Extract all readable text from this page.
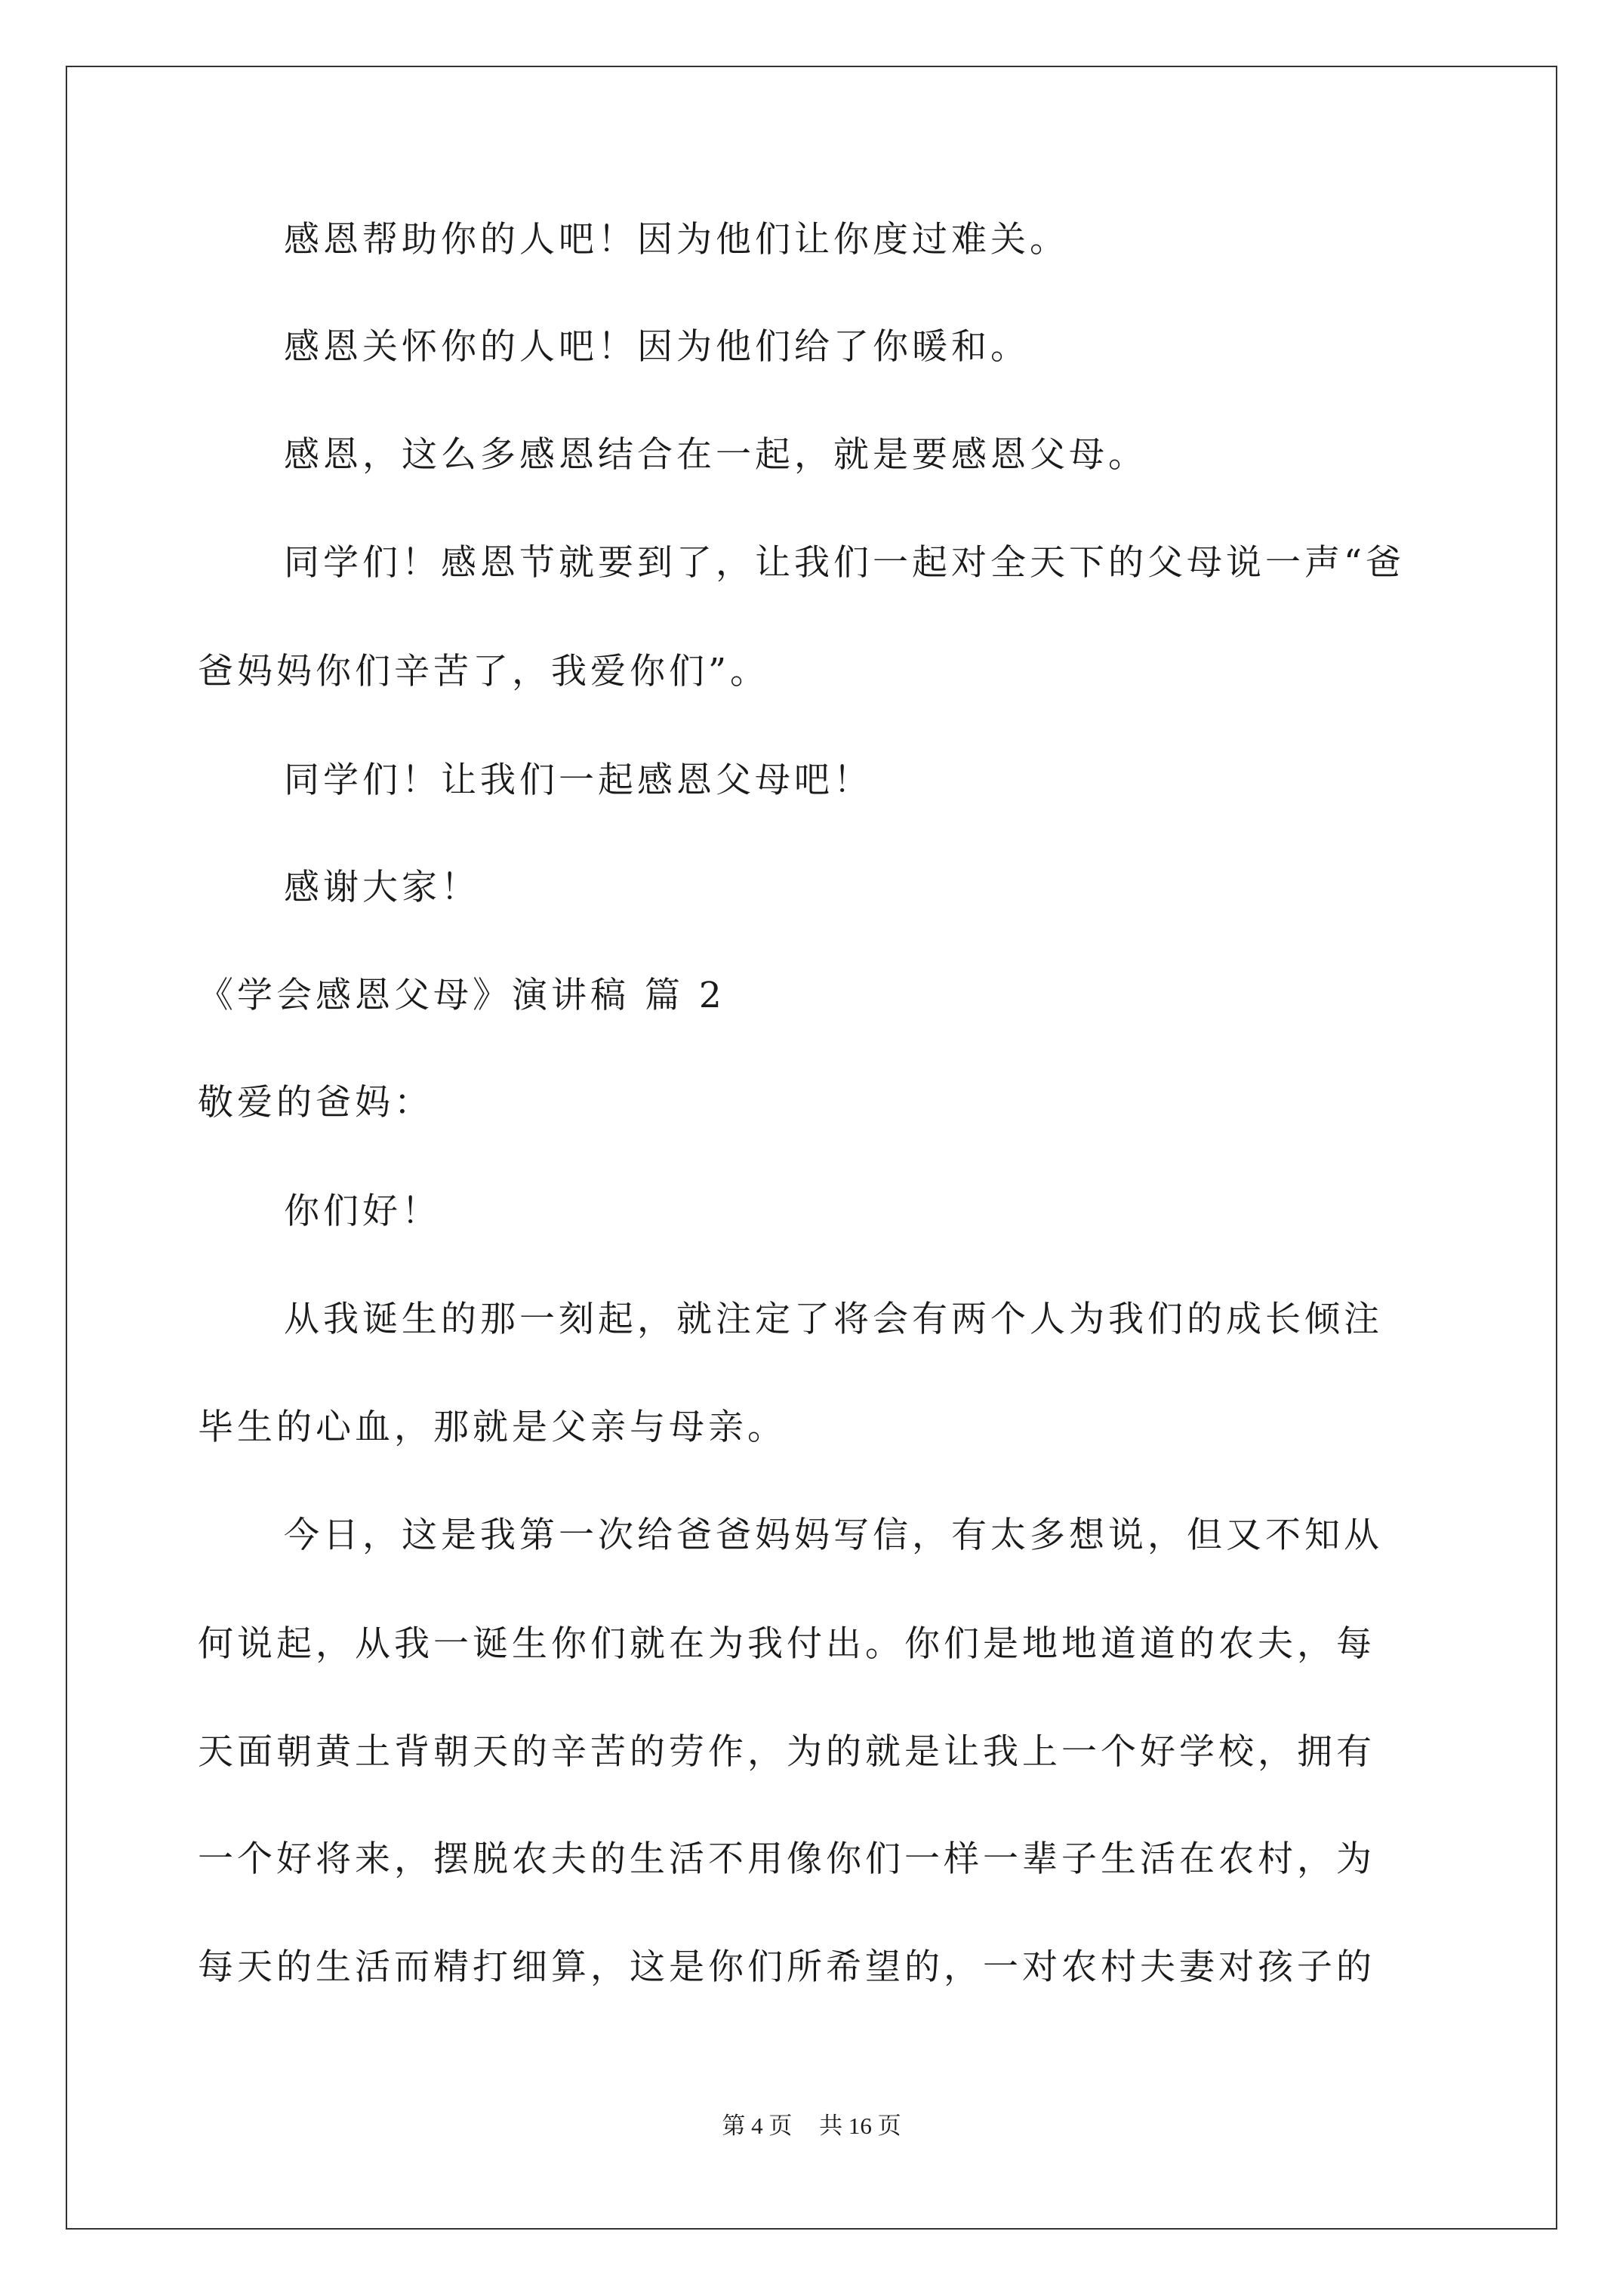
感恩帮助你的人吧！因为他们让你度过难关。

感恩关怀你的人吧！因为他们给了你暖和。

感恩，这么多感恩结合在一起，就是要感恩父母。

同学们！感恩节就要到了，让我们一起对全天下的父母说一声“爸

爸妈妈你们辛苦了，我爱你们”。

同学们！让我们一起感恩父母吧！

感谢大家！

《学会感恩父母》演讲稿 篇 2

敬爱的爸妈：

你们好！

从我诞生的那一刻起，就注定了将会有两个人为我们的成长倾注

毕生的心血，那就是父亲与母亲。

今日，这是我第一次给爸爸妈妈写信，有太多想说，但又不知从

何说起，从我一诞生你们就在为我付出。你们是地地道道的农夫，每

天面朝黄土背朝天的辛苦的劳作，为的就是让我上一个好学校，拥有

一个好将来，摆脱农夫的生活不用像你们一样一辈子生活在农村，为

每天的生活而精打细算，这是你们所希望的，一对农村夫妻对孩子的

第 4 页 共 16 页
